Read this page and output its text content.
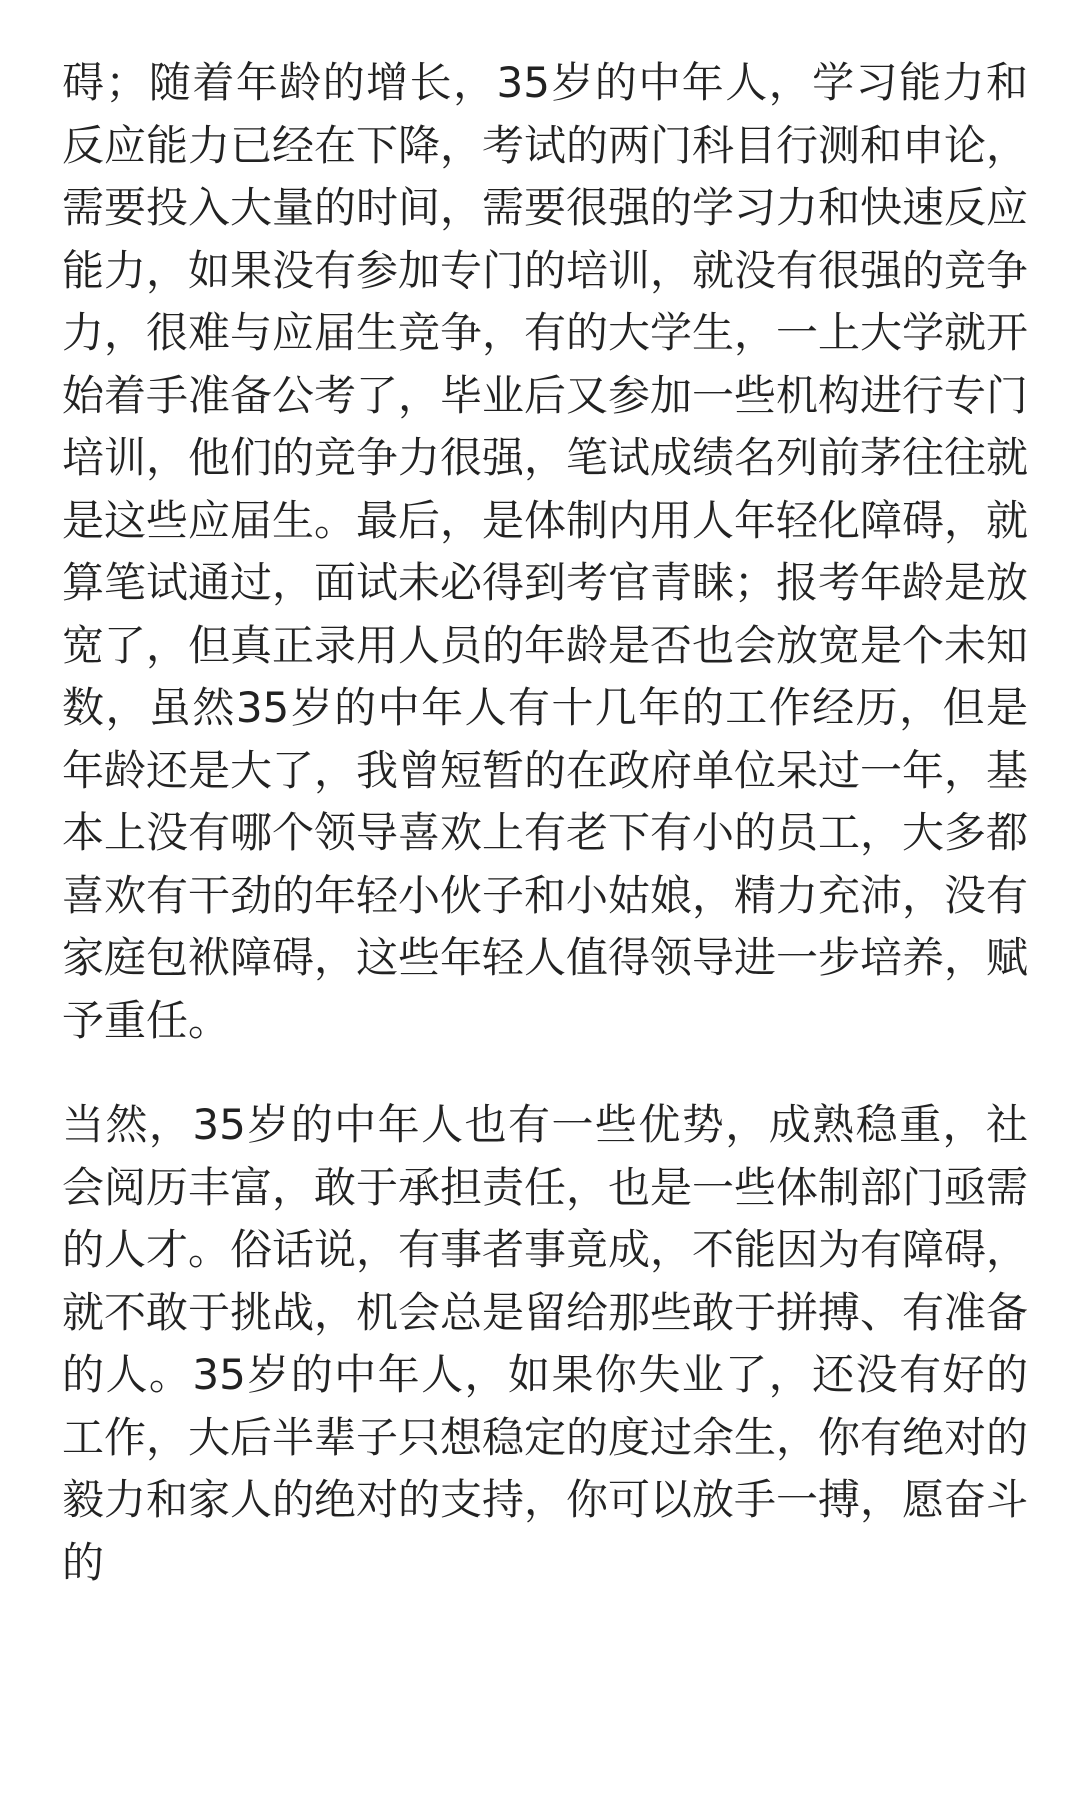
碍；随着年龄的增长，35岁的中年人，学习能力和反应能力已经在下降，考试的两门科目行测和申论，需要投入大量的时间，需要很强的学习力和快速反应能力，如果没有参加专门的培训，就没有很强的竞争力，很难与应届生竞争，有的大学生，一上大学就开始着手准备公考了，毕业后又参加一些机构进行专门培训，他们的竞争力很强，笔试成绩名列前茅往往就是这些应届生。最后，是体制内用人年轻化障碍，就算笔试通过，面试未必得到考官青睐；报考年龄是放宽了，但真正录用人员的年龄是否也会放宽是个未知数，虽然35岁的中年人有十几年的工作经历，但是年龄还是大了，我曾短暂的在政府单位呆过一年，基本上没有哪个领导喜欢上有老下有小的员工，大多都喜欢有干劲的年轻小伙子和小姑娘，精力充沛，没有家庭包袱障碍，这些年轻人值得领导进一步培养，赋予重任。

当然，35岁的中年人也有一些优势，成熟稳重，社会阅历丰富，敢于承担责任，也是一些体制部门亟需的人才。俗话说，有事者事竟成，不能因为有障碍，就不敢于挑战，机会总是留给那些敢于拼搏、有准备的人。35岁的中年人，如果你失业了，还没有好的工作，大后半辈子只想稳定的度过余生，你有绝对的毅力和家人的绝对的支持，你可以放手一搏，愿奋斗的
